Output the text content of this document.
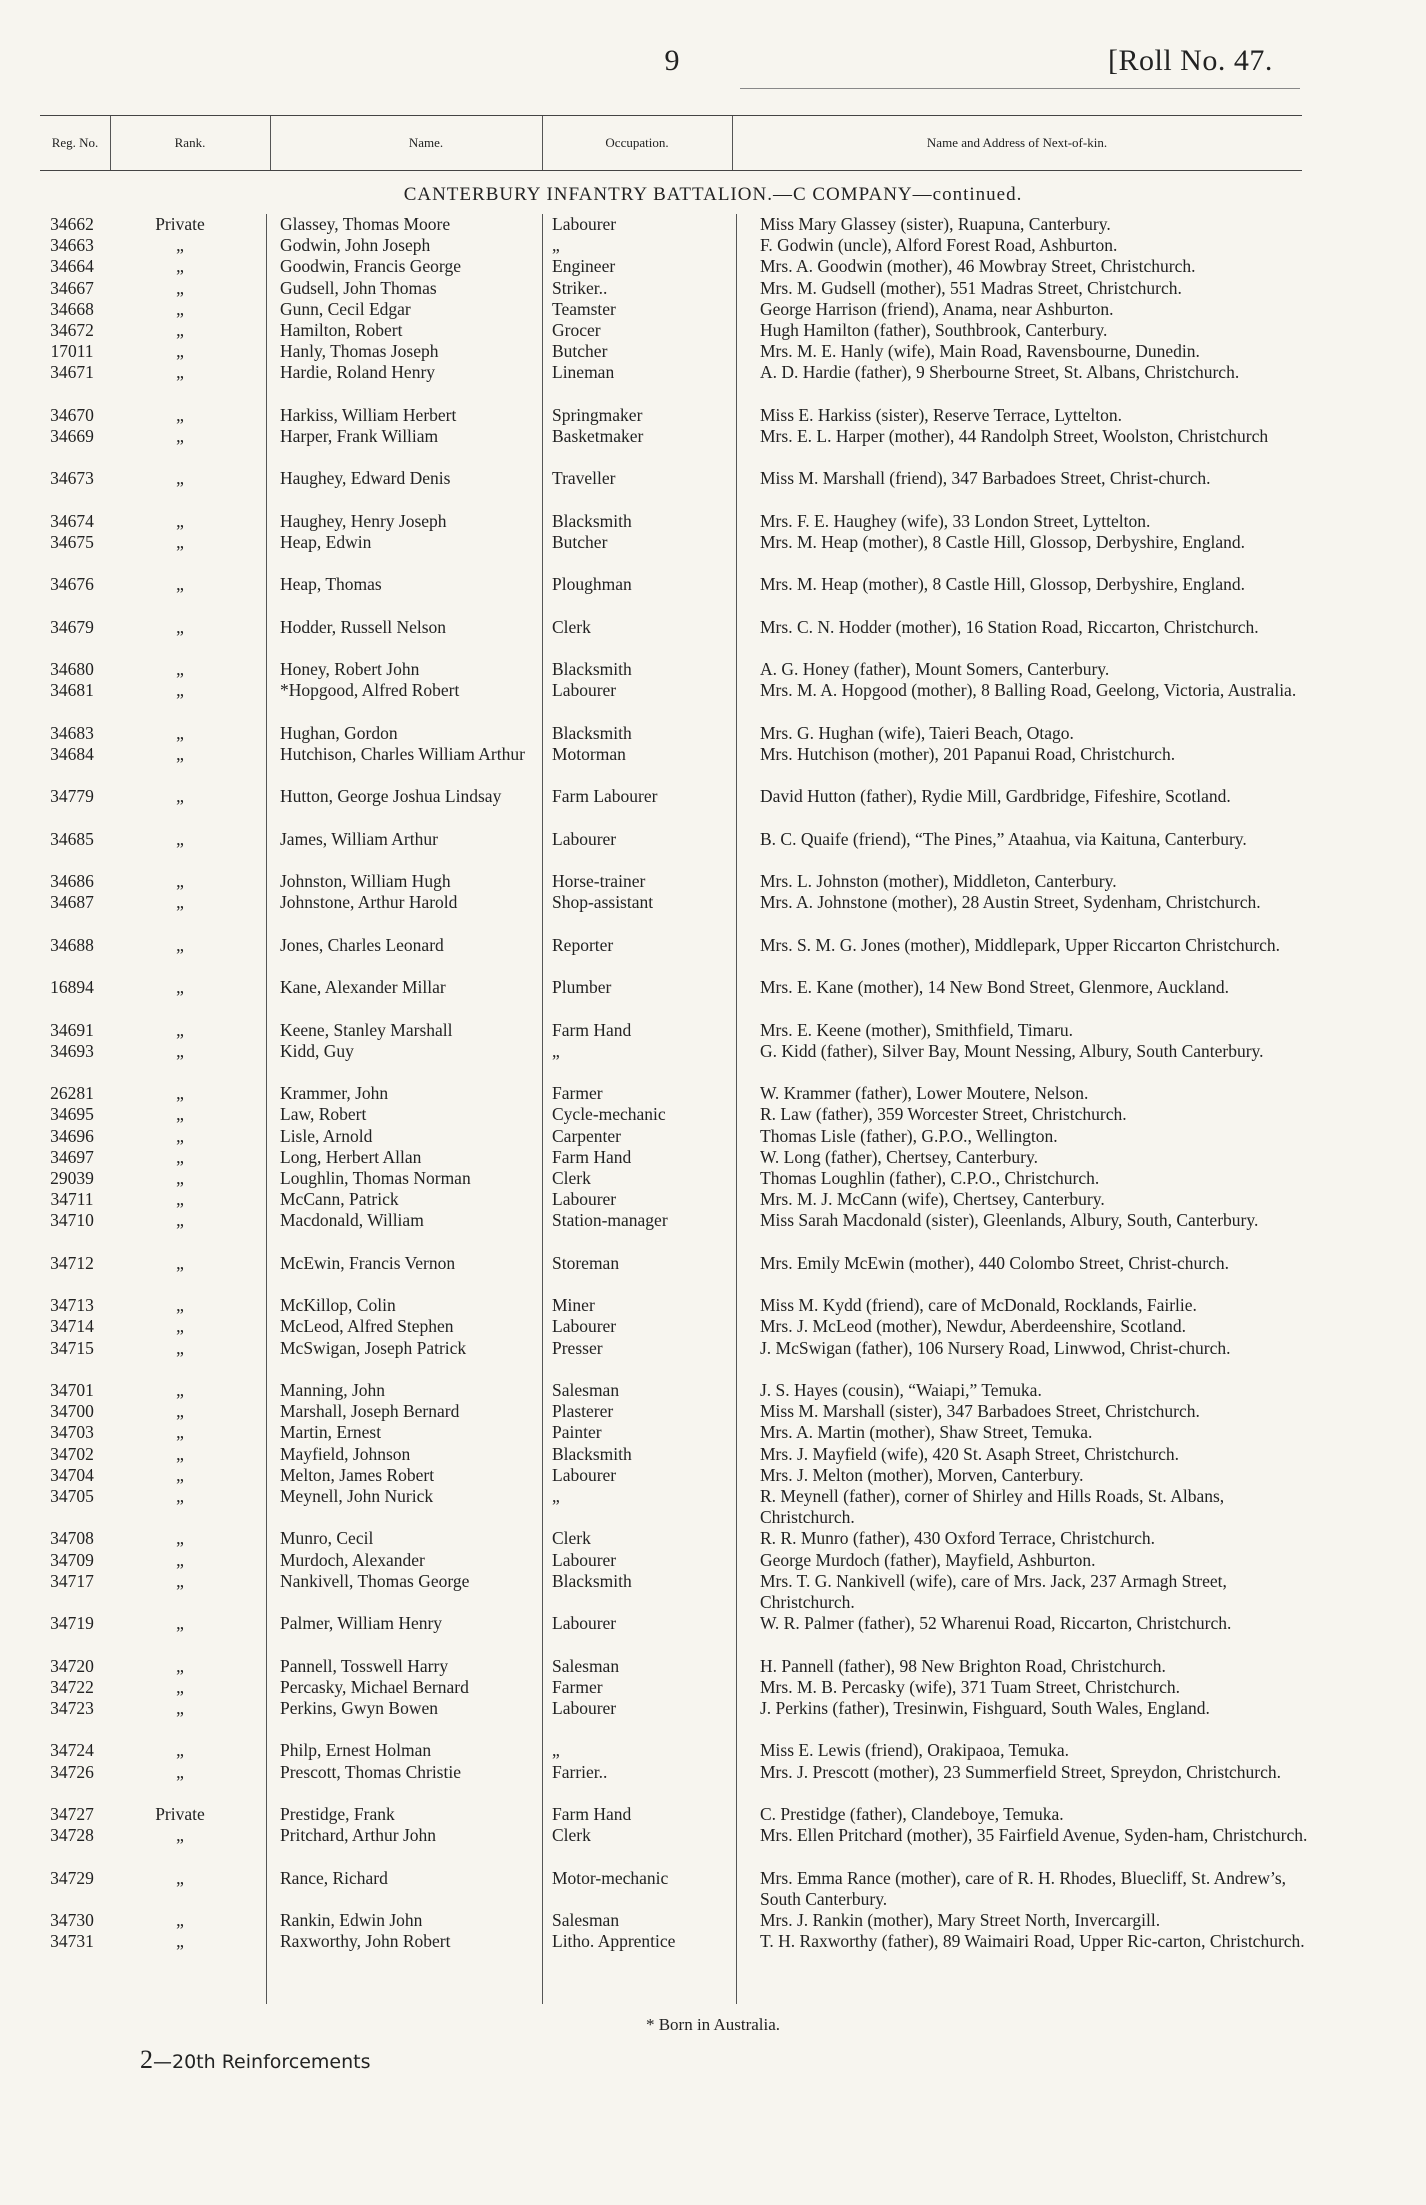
9	[Roll No. 47.
Reg. No.	Rank.	Name.	Occupation.	Name and Address of Next-of-kin.
CANTERBURY INFANTRY BATTALION.—C COMPANY—continued.
34662	Private	Glassey, Thomas Moore	Labourer	Miss Mary Glassey (sister), Ruapuna, Canterbury.
34663	„	Godwin, John Joseph	„	F. Godwin (uncle), Alford Forest Road, Ashburton.
34664	„	Goodwin, Francis George	Engineer	Mrs. A. Goodwin (mother), 46 Mowbray Street, Christchurch.
34667	„	Gudsell, John Thomas	Striker..	Mrs. M. Gudsell (mother), 551 Madras Street, Christchurch.
34668	„	Gunn, Cecil Edgar	Teamster	George Harrison (friend), Anama, near Ashburton.
34672	„	Hamilton, Robert	Grocer	Hugh Hamilton (father), Southbrook, Canterbury.
17011	„	Hanly, Thomas Joseph	Butcher	Mrs. M. E. Hanly (wife), Main Road, Ravensbourne, Dunedin.
34671	„	Hardie, Roland Henry	Lineman	A. D. Hardie (father), 9 Sherbourne Street, St. Albans, Christchurch.
34670	„	Harkiss, William Herbert	Springmaker	Miss E. Harkiss (sister), Reserve Terrace, Lyttelton.
34669	„	Harper, Frank William	Basketmaker	Mrs. E. L. Harper (mother), 44 Randolph Street, Woolston, Christchurch
34673	„	Haughey, Edward Denis	Traveller	Miss M. Marshall (friend), 347 Barbadoes Street, Christ-church.
34674	„	Haughey, Henry Joseph	Blacksmith	Mrs. F. E. Haughey (wife), 33 London Street, Lyttelton.
34675	„	Heap, Edwin	Butcher	Mrs. M. Heap (mother), 8 Castle Hill, Glossop, Derbyshire, England.
34676	„	Heap, Thomas	Ploughman	Mrs. M. Heap (mother), 8 Castle Hill, Glossop, Derbyshire, England.
34679	„	Hodder, Russell Nelson	Clerk	Mrs. C. N. Hodder (mother), 16 Station Road, Riccarton, Christchurch.
34680	„	Honey, Robert John	Blacksmith	A. G. Honey (father), Mount Somers, Canterbury.
34681	„	*Hopgood, Alfred Robert	Labourer	Mrs. M. A. Hopgood (mother), 8 Balling Road, Geelong, Victoria, Australia.
34683	„	Hughan, Gordon	Blacksmith	Mrs. G. Hughan (wife), Taieri Beach, Otago.
34684	„	Hutchison, Charles William Arthur	Motorman	Mrs. Hutchison (mother), 201 Papanui Road, Christchurch.
34779	„	Hutton, George Joshua Lindsay	Farm Labourer	David Hutton (father), Rydie Mill, Gardbridge, Fifeshire, Scotland.
34685	„	James, William Arthur	Labourer	B. C. Quaife (friend), “The Pines,” Ataahua, via Kaituna, Canterbury.
34686	„	Johnston, William Hugh	Horse-trainer	Mrs. L. Johnston (mother), Middleton, Canterbury.
34687	„	Johnstone, Arthur Harold	Shop-assistant	Mrs. A. Johnstone (mother), 28 Austin Street, Sydenham, Christchurch.
34688	„	Jones, Charles Leonard	Reporter	Mrs. S. M. G. Jones (mother), Middlepark, Upper Riccarton Christchurch.
16894	„	Kane, Alexander Millar	Plumber	Mrs. E. Kane (mother), 14 New Bond Street, Glenmore, Auckland.
34691	„	Keene, Stanley Marshall	Farm Hand	Mrs. E. Keene (mother), Smithfield, Timaru.
34693	„	Kidd, Guy	„	G. Kidd (father), Silver Bay, Mount Nessing, Albury, South Canterbury.
26281	„	Krammer, John	Farmer	W. Krammer (father), Lower Moutere, Nelson.
34695	„	Law, Robert	Cycle-mechanic	R. Law (father), 359 Worcester Street, Christchurch.
34696	„	Lisle, Arnold	Carpenter	Thomas Lisle (father), G.P.O., Wellington.
34697	„	Long, Herbert Allan	Farm Hand	W. Long (father), Chertsey, Canterbury.
29039	„	Loughlin, Thomas Norman	Clerk	Thomas Loughlin (father), C.P.O., Christchurch.
34711	„	McCann, Patrick	Labourer	Mrs. M. J. McCann (wife), Chertsey, Canterbury.
34710	„	Macdonald, William	Station-manager	Miss Sarah Macdonald (sister), Gleenlands, Albury, South, Canterbury.
34712	„	McEwin, Francis Vernon	Storeman	Mrs. Emily McEwin (mother), 440 Colombo Street, Christ-church.
34713	„	McKillop, Colin	Miner	Miss M. Kydd (friend), care of McDonald, Rocklands, Fairlie.
34714	„	McLeod, Alfred Stephen	Labourer	Mrs. J. McLeod (mother), Newdur, Aberdeenshire, Scotland.
34715	„	McSwigan, Joseph Patrick	Presser	J. McSwigan (father), 106 Nursery Road, Linwwod, Christ-church.
34701	„	Manning, John	Salesman	J. S. Hayes (cousin), “Waiapi,” Temuka.
34700	„	Marshall, Joseph Bernard	Plasterer	Miss M. Marshall (sister), 347 Barbadoes Street, Christchurch.
34703	„	Martin, Ernest	Painter	Mrs. A. Martin (mother), Shaw Street, Temuka.
34702	„	Mayfield, Johnson	Blacksmith	Mrs. J. Mayfield (wife), 420 St. Asaph Street, Christchurch.
34704	„	Melton, James Robert	Labourer	Mrs. J. Melton (mother), Morven, Canterbury.
34705	„	Meynell, John Nurick	„	R. Meynell (father), corner of Shirley and Hills Roads, St. Albans, Christchurch.
34708	„	Munro, Cecil	Clerk	R. R. Munro (father), 430 Oxford Terrace, Christchurch.
34709	„	Murdoch, Alexander	Labourer	George Murdoch (father), Mayfield, Ashburton.
34717	„	Nankivell, Thomas George	Blacksmith	Mrs. T. G. Nankivell (wife), care of Mrs. Jack, 237 Armagh Street, Christchurch.
34719	„	Palmer, William Henry	Labourer	W. R. Palmer (father), 52 Wharenui Road, Riccarton, Christchurch.
34720	„	Pannell, Tosswell Harry	Salesman	H. Pannell (father), 98 New Brighton Road, Christchurch.
34722	„	Percasky, Michael Bernard	Farmer	Mrs. M. B. Percasky (wife), 371 Tuam Street, Christchurch.
34723	„	Perkins, Gwyn Bowen	Labourer	J. Perkins (father), Tresinwin, Fishguard, South Wales, England.
34724	„	Philp, Ernest Holman	„	Miss E. Lewis (friend), Orakipaoa, Temuka.
34726	„	Prescott, Thomas Christie	Farrier..	Mrs. J. Prescott (mother), 23 Summerfield Street, Spreydon, Christchurch.
34727	Private	Prestidge, Frank	Farm Hand	C. Prestidge (father), Clandeboye, Temuka.
34728	„	Pritchard, Arthur John	Clerk	Mrs. Ellen Pritchard (mother), 35 Fairfield Avenue, Syden-ham, Christchurch.
34729	„	Rance, Richard	Motor-mechanic	Mrs. Emma Rance (mother), care of R. H. Rhodes, Bluecliff, St. Andrew’s, South Canterbury.
34730	„	Rankin, Edwin John	Salesman	Mrs. J. Rankin (mother), Mary Street North, Invercargill.
34731	„	Raxworthy, John Robert	Litho. Apprentice	T. H. Raxworthy (father), 89 Waimairi Road, Upper Ric-carton, Christchurch.
* Born in Australia.
2—20th Reinforcements
